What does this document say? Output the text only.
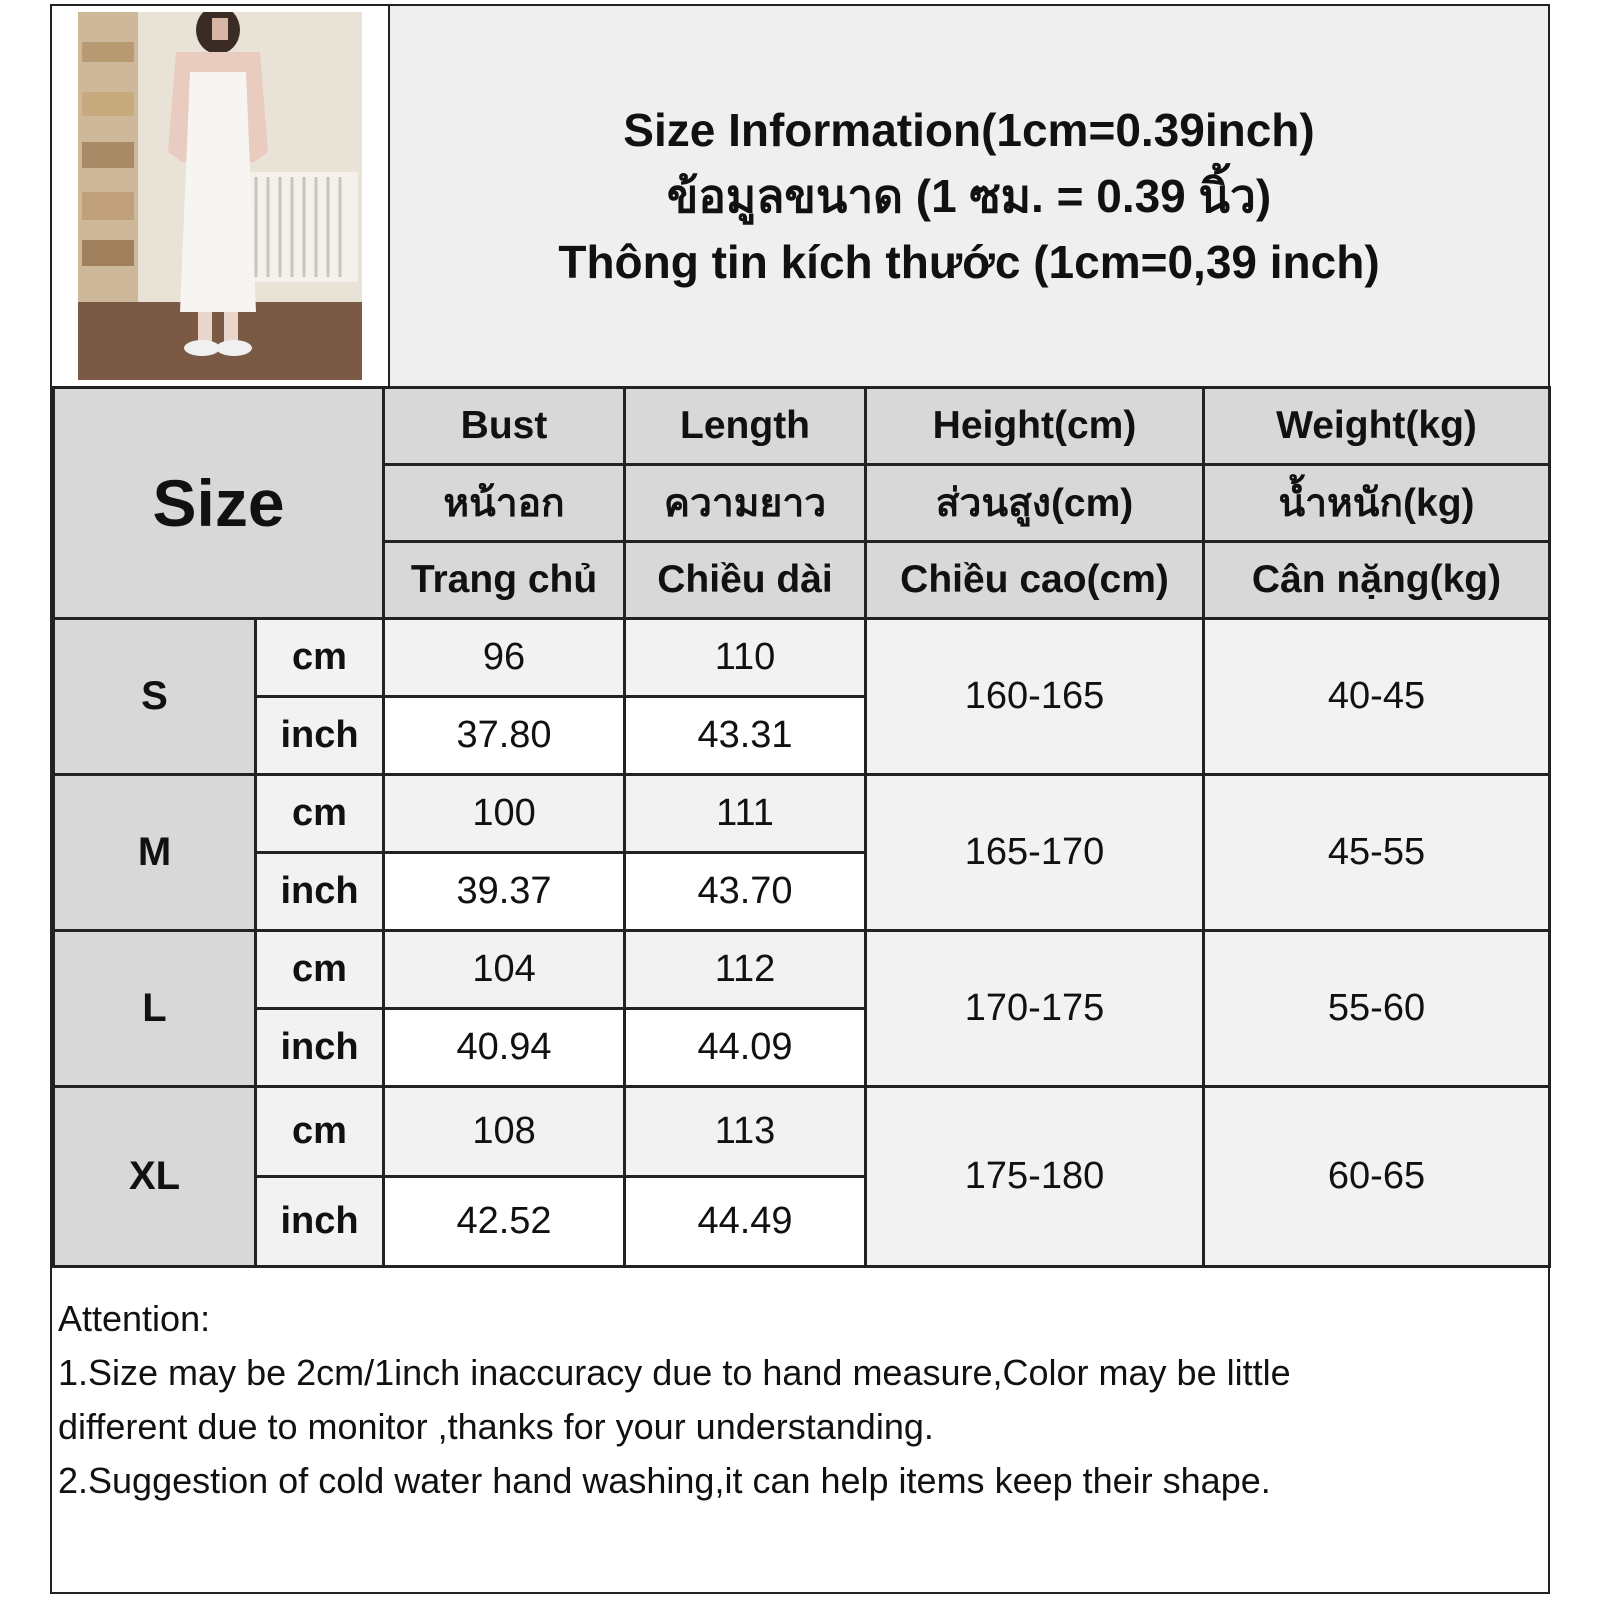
Size Information(1cm=0.39inch)
ข้อมูลขนาด (1 ซม. = 0.39 นิ้ว)
Thông tin kích thước (1cm=0,39 inch)
Size		Bust	Length	Height(cm)	Weight(kg)
		หน้าอก	ความยาว	ส่วนสูง(cm)	น้ำหนัก(kg)
		Trang chủ	Chiều dài	Chiều cao(cm)	Cân nặng(kg)
S	cm	96	110	160-165	40-45
	inch	37.80	43.31		
M	cm	100	111	165-170	45-55
	inch	39.37	43.70		
L	cm	104	112	170-175	55-60
	inch	40.94	44.09		
XL	cm	108	113	175-180	60-65
	inch	42.52	44.49		
Attention:
1.Size may be 2cm/1inch inaccuracy due to hand measure,Color may be little
different due to monitor ,thanks for your understanding.
2.Suggestion of cold water hand washing,it can help items keep their shape.
